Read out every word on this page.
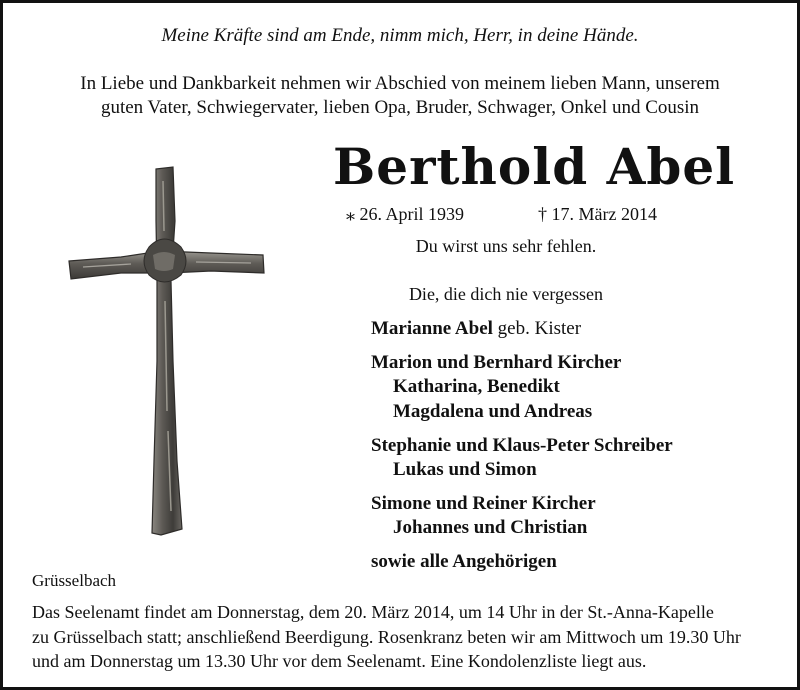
Meine Kräfte sind am Ende, nimm mich, Herr, in deine Hände.
In Liebe und Dankbarkeit nehmen wir Abschied von meinem lieben Mann, unserem
guten Vater, Schwiegervater, lieben Opa, Bruder, Schwager, Onkel und Cousin
Berthold Abel
⁎ 26. April 1939	† 17. März 2014
Du wirst uns sehr fehlen.
Die, die dich nie vergessen
Marianne Abel geb. Kister
Marion und Bernhard Kircher
Katharina, Benedikt
Magdalena und Andreas
Stephanie und Klaus-Peter Schreiber
Lukas und Simon
Simone und Reiner Kircher
Johannes und Christian
sowie alle Angehörigen
Grüsselbach
Das Seelenamt findet am Donnerstag, dem 20. März 2014, um 14 Uhr in der St.-Anna-Kapelle
zu Grüsselbach statt; anschließend Beerdigung. Rosenkranz beten wir am Mittwoch um 19.30 Uhr
und am Donnerstag um 13.30 Uhr vor dem Seelenamt. Eine Kondolenzliste liegt aus.
